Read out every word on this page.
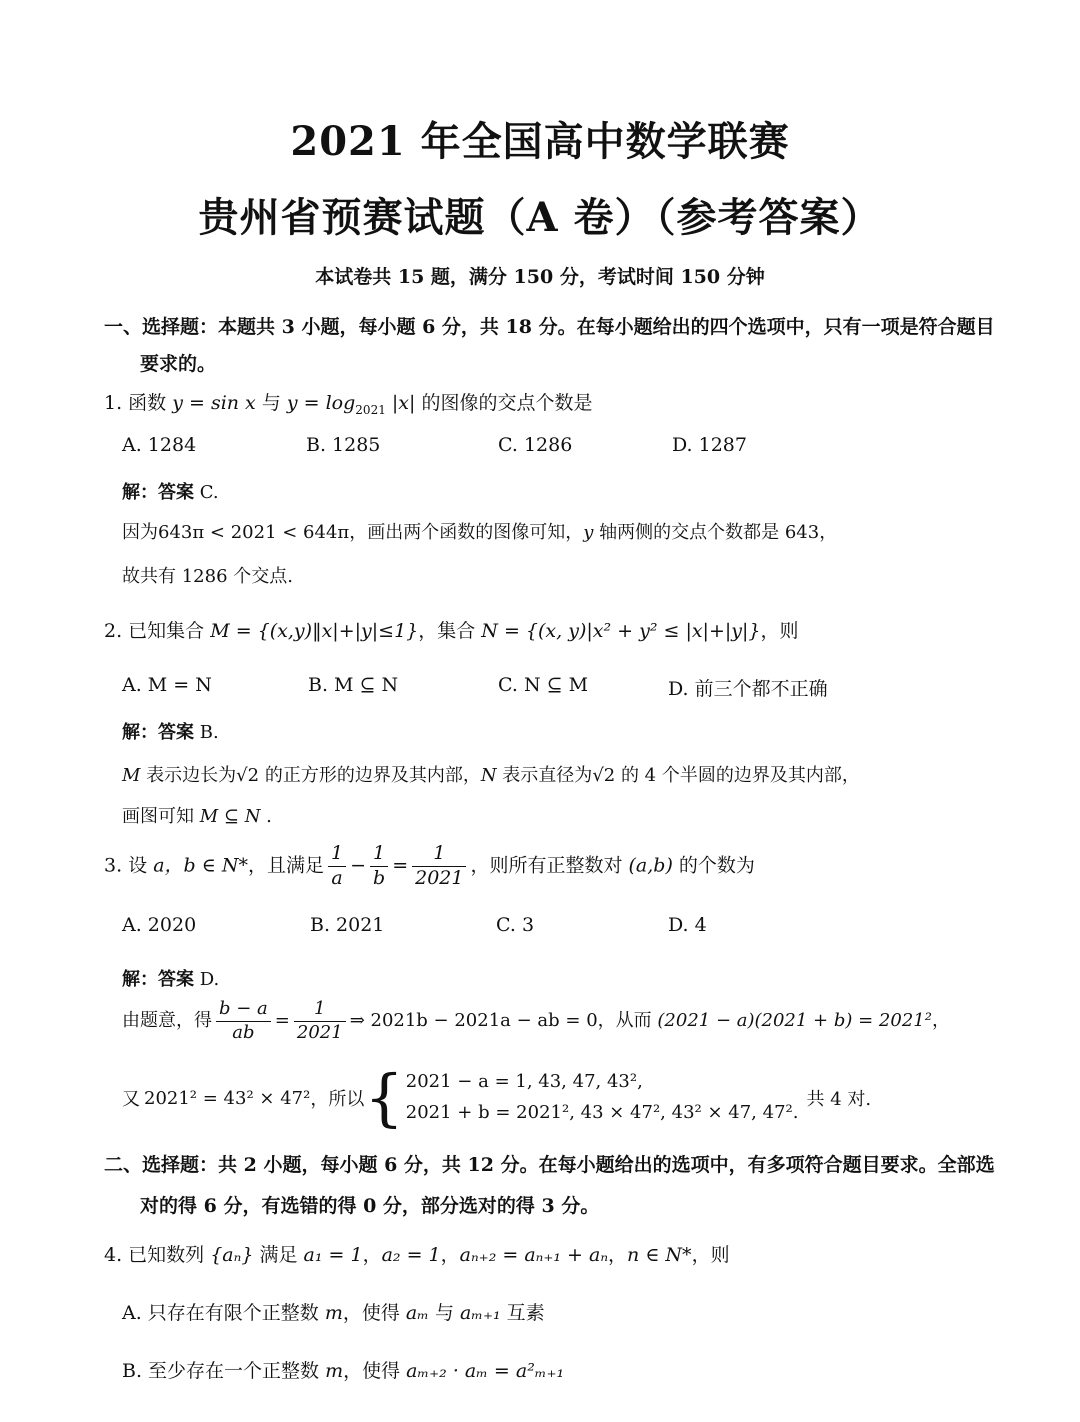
2021 年全国高中数学联赛
贵州省预赛试题（A 卷）（参考答案）
本试卷共 15 题，满分 150 分，考试时间 150 分钟
一、选择题：本题共 3 小题，每小题 6 分，共 18 分。在每小题给出的四个选项中，只有一项是符合题目
要求的。
1. 函数 y = sin x 与 $y = \log_{2021} |x|$ 的图像的交点个数是
A. 1284	B. 1285	C. 1286	D. 1287
解：答案 C.
因为643π < 2021 < 644π，画出两个函数的图像可知，y 轴两侧的交点个数都是 643，
故共有 1286 个交点.
2. 已知集合 M = {(x,y)‖x|+|y|≤1}，集合 N = {(x, y)|x² + y² ≤ |x|+|y|}，则
A. M = N	B. M ⊆ N	C. N ⊆ M	D. 前三个都不正确
解：答案 B.
M 表示边长为√2 的正方形的边界及其内部，N 表示直径为√2 的 4 个半圆的边界及其内部，
画图可知 M ⊆ N .
3. 设 a，b ∈ N*，且满足 $\frac{1}{a} - \frac{1}{b} = \frac{1}{2021}$ ，则所有正整数对 (a,b) 的个数为
A. 2020	B. 2021	C. 3	D. 4
解：答案 D.
由题意，得 $\frac{b - a}{ab} = \frac{1}{2021}$ ⇒ 2021b − 2021a − ab = 0，从而 (2021 − a)(2021 + b) = 2021²，
又 2021² = 43² × 47² ，所以 { 2021 − a = 1, 43, 47, 43²,
2021 + b = 2021², 43 × 47², 43² × 47, 47².
共 4 对.
二、选择题：共 2 小题，每小题 6 分，共 12 分。在每小题给出的选项中，有多项符合题目要求。全部选
对的得 6 分，有选错的得 0 分，部分选对的得 3 分。
4. 已知数列 {aₙ} 满足 a₁ = 1，a₂ = 1，aₙ₊₂ = aₙ₊₁ + aₙ，n ∈ N*，则
A. 只存在有限个正整数 m，使得 aₘ 与 aₘ₊₁ 互素
B. 至少存在一个正整数 m，使得 aₘ₊₂ · aₘ = a²ₘ₊₁
